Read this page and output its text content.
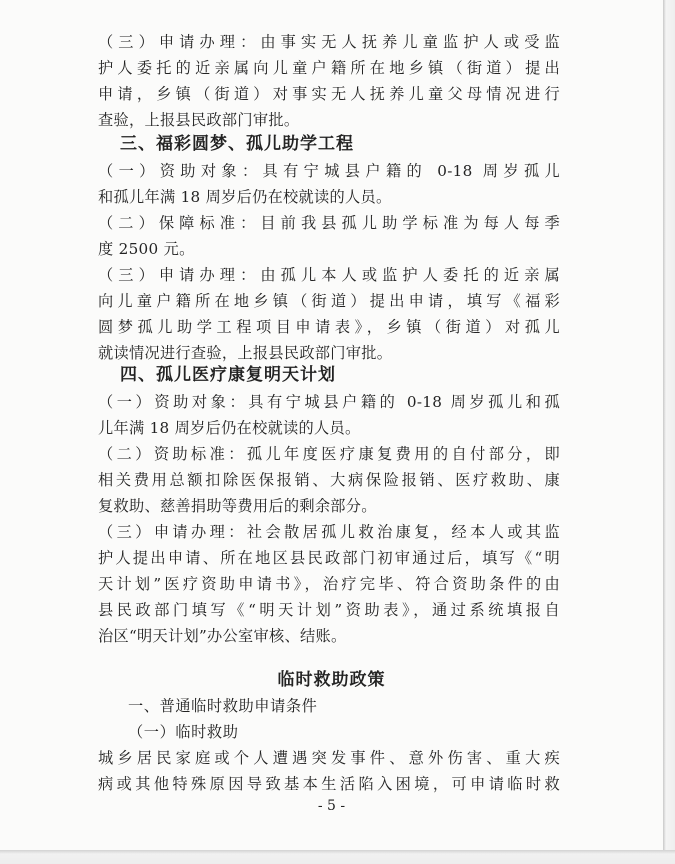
（三）申请办理：由事实无人抚养儿童监护人或受监
护人委托的近亲属向儿童户籍所在地乡镇（街道）提出
申请，乡镇（街道）对事实无人抚养儿童父母情况进行
查验，上报县民政部门审批。
三、福彩圆梦、孤儿助学工程
（一）资助对象：具有宁城县户籍的 0-18 周岁孤儿
和孤儿年满 18 周岁后仍在校就读的人员。
（二）保障标准：目前我县孤儿助学标准为每人每季
度 2500 元。
（三）申请办理：由孤儿本人或监护人委托的近亲属
向儿童户籍所在地乡镇（街道）提出申请，填写《福彩
圆梦孤儿助学工程项目申请表》，乡镇（街道）对孤儿
就读情况进行查验，上报县民政部门审批。
四、孤儿医疗康复明天计划
（一）资助对象：具有宁城县户籍的 0-18 周岁孤儿和孤
儿年满 18 周岁后仍在校就读的人员。
（二）资助标准：孤儿年度医疗康复费用的自付部分，即
相关费用总额扣除医保报销、大病保险报销、医疗救助、康
复救助、慈善捐助等费用后的剩余部分。
（三）申请办理：社会散居孤儿救治康复，经本人或其监
护人提出申请、所在地区县民政部门初审通过后，填写《“明
天计划”医疗资助申请书》，治疗完毕、符合资助条件的由
县民政部门填写《“明天计划”资助表》，通过系统填报自
治区“明天计划”办公室审核、结账。
临时救助政策
一、普通临时救助申请条件
（一）临时救助
城乡居民家庭或个人遭遇突发事件、意外伤害、重大疾
病或其他特殊原因导致基本生活陷入困境，可申请临时救
- 5 -
